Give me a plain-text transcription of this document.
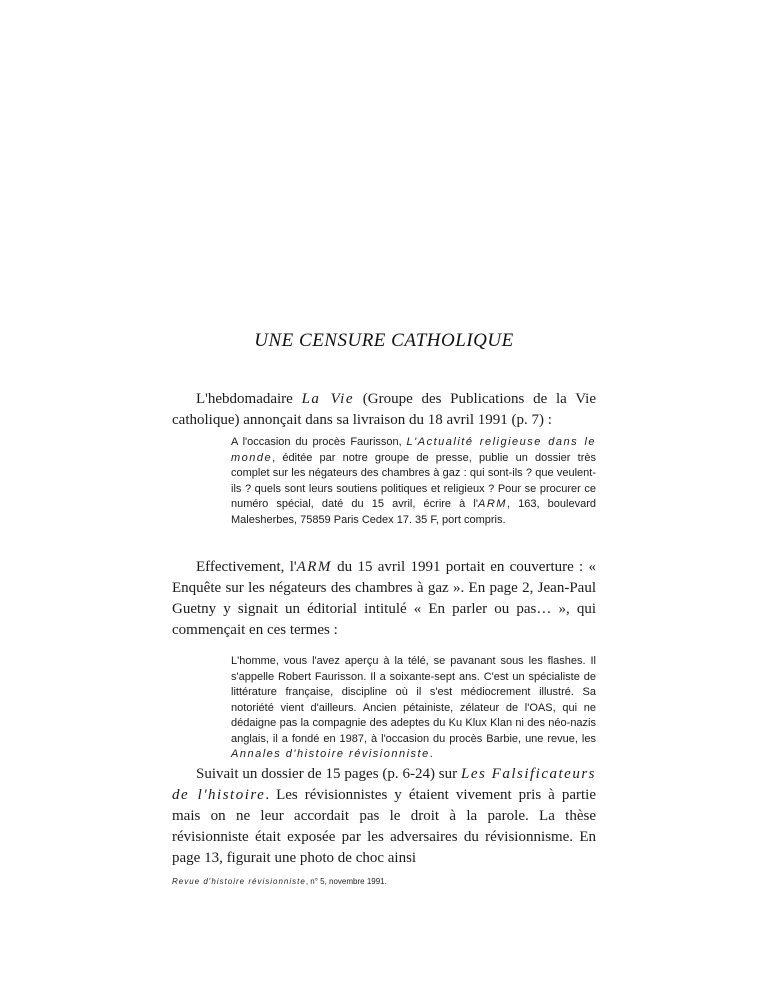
UNE CENSURE CATHOLIQUE

L'hebdomadaire La Vie (Groupe des Publications de la Vie catholique) annonçait dans sa livraison du 18 avril 1991 (p. 7) :

A l'occasion du procès Faurisson, L'Actualité religieuse dans le monde, éditée par notre groupe de presse, publie un dossier très complet sur les négateurs des chambres à gaz : qui sont-ils ? que veulent-ils ? quels sont leurs soutiens politiques et religieux ? Pour se procurer ce numéro spécial, daté du 15 avril, écrire à l'ARM, 163, boulevard Malesherbes, 75859 Paris Cedex 17. 35 F, port compris.

Effectivement, l'ARM du 15 avril 1991 portait en couverture : « Enquête sur les négateurs des chambres à gaz ». En page 2, Jean-Paul Guetny y signait un éditorial intitulé « En parler ou pas… », qui commençait en ces termes :

L'homme, vous l'avez aperçu à la télé, se pavanant sous les flashes. Il s'appelle Robert Faurisson. Il a soixante-sept ans. C'est un spécialiste de littérature française, discipline où il s'est médiocrement illustré. Sa notoriété vient d'ailleurs. Ancien pétainiste, zélateur de l'OAS, qui ne dédaigne pas la compagnie des adeptes du Ku Klux Klan ni des néo-nazis anglais, il a fondé en 1987, à l'occasion du procès Barbie, une revue, les Annales d'histoire révisionniste.

Suivait un dossier de 15 pages (p. 6-24) sur Les Falsificateurs de l'histoire. Les révisionnistes y étaient vivement pris à partie mais on ne leur accordait pas le droit à la parole. La thèse révisionniste était exposée par les adversaires du révisionnisme. En page 13, figurait une photo de choc ainsi

Revue d'histoire révisionniste, n° 5, novembre 1991.
